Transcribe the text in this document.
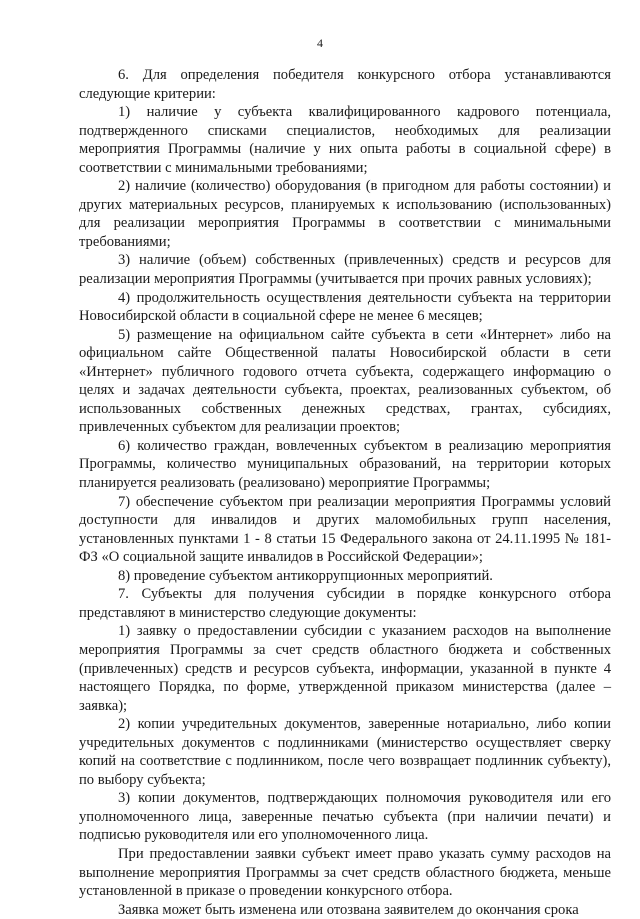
4

6. Для определения победителя конкурсного отбора устанавливаются следующие критерии:

1) наличие у субъекта квалифицированного кадрового потенциала, подтвержденного списками специалистов, необходимых для реализации мероприятия Программы (наличие у них опыта работы в социальной сфере) в соответствии с минимальными требованиями;

2) наличие (количество) оборудования (в пригодном для работы состоянии) и других материальных ресурсов, планируемых к использованию (использованных) для реализации мероприятия Программы в соответствии с минимальными требованиями;

3) наличие (объем) собственных (привлеченных) средств и ресурсов для реализации мероприятия Программы (учитывается при прочих равных условиях);

4) продолжительность осуществления деятельности субъекта на территории Новосибирской области в социальной сфере не менее 6 месяцев;

5) размещение на официальном сайте субъекта в сети «Интернет» либо на официальном сайте Общественной палаты Новосибирской области в сети «Интернет» публичного годового отчета субъекта, содержащего информацию о целях и задачах деятельности субъекта, проектах, реализованных субъектом, об использованных собственных денежных средствах, грантах, субсидиях, привлеченных субъектом для реализации проектов;

6) количество граждан, вовлеченных субъектом в реализацию мероприятия Программы, количество муниципальных образований, на территории которых планируется реализовать (реализовано) мероприятие Программы;

7) обеспечение субъектом при реализации мероприятия Программы условий доступности для инвалидов и других маломобильных групп населения, установленных пунктами 1 - 8 статьи 15 Федерального закона от 24.11.1995 № 181-ФЗ «О социальной защите инвалидов в Российской Федерации»;

8) проведение субъектом антикоррупционных мероприятий.

7. Субъекты для получения субсидии в порядке конкурсного отбора представляют в министерство следующие документы:

1) заявку о предоставлении субсидии с указанием расходов на выполнение мероприятия Программы за счет средств областного бюджета и собственных (привлеченных) средств и ресурсов субъекта, информации, указанной в пункте 4 настоящего Порядка, по форме, утвержденной приказом министерства (далее – заявка);

2) копии учредительных документов, заверенные нотариально, либо копии учредительных документов с подлинниками (министерство осуществляет сверку копий на соответствие с подлинником, после чего возвращает подлинник субъекту), по выбору субъекта;

3) копии документов, подтверждающих полномочия руководителя или его уполномоченного лица, заверенные печатью субъекта (при наличии печати) и подписью руководителя или его уполномоченного лица.

При предоставлении заявки субъект имеет право указать сумму расходов на выполнение мероприятия Программы за счет средств областного бюджета, меньше установленной в приказе о проведении конкурсного отбора.

Заявка может быть изменена или отозвана заявителем до окончания срока
